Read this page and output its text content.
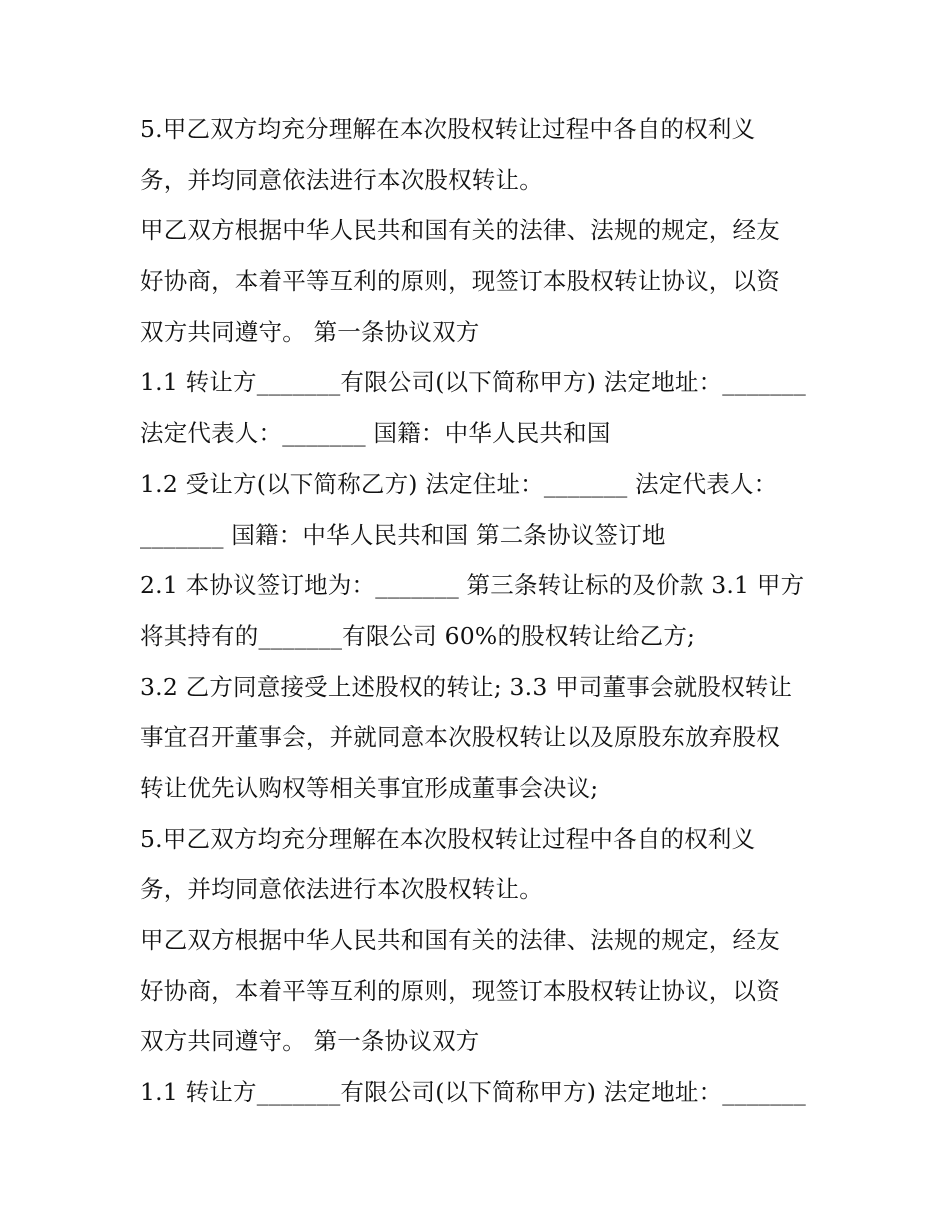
5.甲乙双方均充分理解在本次股权转让过程中各自的权利义
务，并均同意依法进行本次股权转让。
甲乙双方根据中华人民共和国有关的法律、法规的规定，经友
好协商，本着平等互利的原则，现签订本股权转让协议，以资
双方共同遵守。 第一条协议双方
1.1 转让方_______有限公司(以下简称甲方) 法定地址：_______
法定代表人：_______ 国籍：中华人民共和国
1.2 受让方(以下简称乙方) 法定住址：_______ 法定代表人：
_______ 国籍：中华人民共和国 第二条协议签订地
2.1 本协议签订地为：_______ 第三条转让标的及价款 3.1 甲方
将其持有的_______有限公司 60%的股权转让给乙方;
3.2 乙方同意接受上述股权的转让; 3.3 甲司董事会就股权转让
事宜召开董事会，并就同意本次股权转让以及原股东放弃股权
转让优先认购权等相关事宜形成董事会决议;
5.甲乙双方均充分理解在本次股权转让过程中各自的权利义
务，并均同意依法进行本次股权转让。
甲乙双方根据中华人民共和国有关的法律、法规的规定，经友
好协商，本着平等互利的原则，现签订本股权转让协议，以资
双方共同遵守。 第一条协议双方
1.1 转让方_______有限公司(以下简称甲方) 法定地址：_______
